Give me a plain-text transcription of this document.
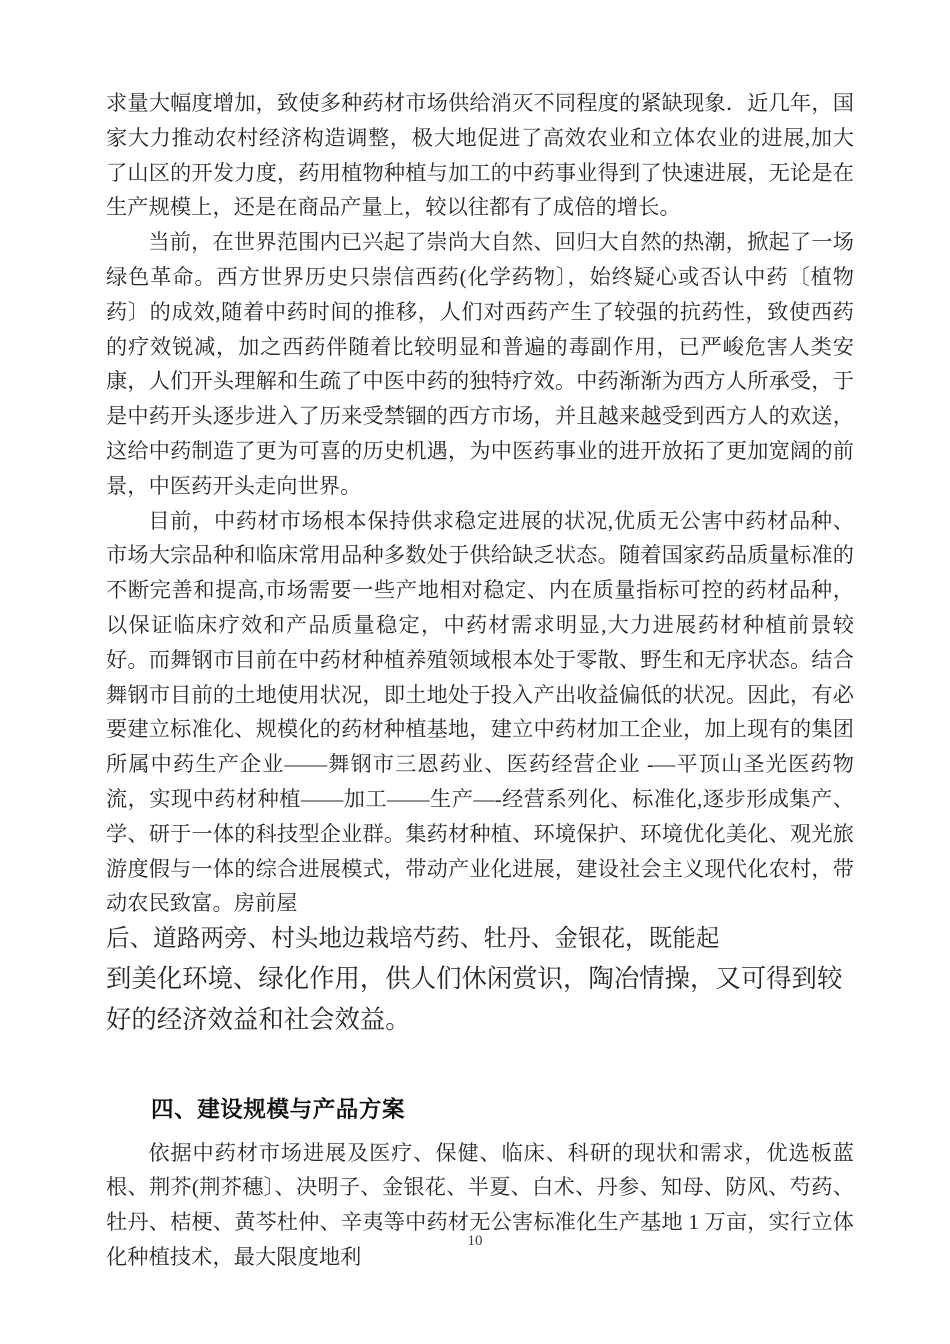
求量大幅度增加，致使多种药材市场供给消灭不同程度的紧缺现象．近几年，国家大力推动农村经济构造调整，极大地促进了高效农业和立体农业的进展,加大了山区的开发力度，药用植物种植与加工的中药事业得到了快速进展，无论是在生产规模上，还是在商品产量上，较以往都有了成倍的增长。

当前，在世界范围内已兴起了崇尚大自然、回归大自然的热潮，掀起了一场绿色革命。西方世界历史只崇信西药(化学药物〕，始终疑心或否认中药〔植物药〕的成效,随着中药时间的推移，人们对西药产生了较强的抗药性，致使西药的疗效锐减，加之西药伴随着比较明显和普遍的毒副作用，已严峻危害人类安康，人们开头理解和生疏了中医中药的独特疗效。中药渐渐为西方人所承受，于是中药开头逐步进入了历来受禁锢的西方市场，并且越来越受到西方人的欢送，这给中药制造了更为可喜的历史机遇，为中医药事业的进开放拓了更加宽阔的前景，中医药开头走向世界。

目前，中药材市场根本保持供求稳定进展的状况,优质无公害中药材品种、市场大宗品种和临床常用品种多数处于供给缺乏状态。随着国家药品质量标准的不断完善和提高,市场需要一些产地相对稳定、内在质量指标可控的药材品种，以保证临床疗效和产品质量稳定，中药材需求明显,大力进展药材种植前景较好。而舞钢市目前在中药材种植养殖领域根本处于零散、野生和无序状态。结合舞钢市目前的土地使用状况，即土地处于投入产出收益偏低的状况。因此，有必要建立标准化、规模化的药材种植基地，建立中药材加工企业，加上现有的集团所属中药生产企业——舞钢市三恩药业、医药经营企业 -—平顶山圣光医药物流，实现中药材种植——加工——生产—-经营系列化、标准化,逐步形成集产、学、研于一体的科技型企业群。集药材种植、环境保护、环境优化美化、观光旅游度假与一体的综合进展模式，带动产业化进展，建设社会主义现代化农村，带动农民致富。房前屋

后、道路两旁、村头地边栽培芍药、牡丹、金银花，既能起

到美化环境、绿化作用，供人们休闲赏识，陶冶情操，又可得到较好的经济效益和社会效益。

四、建设规模与产品方案

依据中药材市场进展及医疗、保健、临床、科研的现状和需求，优选板蓝根、荆芥(荆芥穗〕、决明子、金银花、半夏、白术、丹参、知母、防风、芍药、牡丹、桔梗、黄芩杜仲、辛夷等中药材无公害标准化生产基地 1 万亩，实行立体化种植技术，最大限度地利

10
